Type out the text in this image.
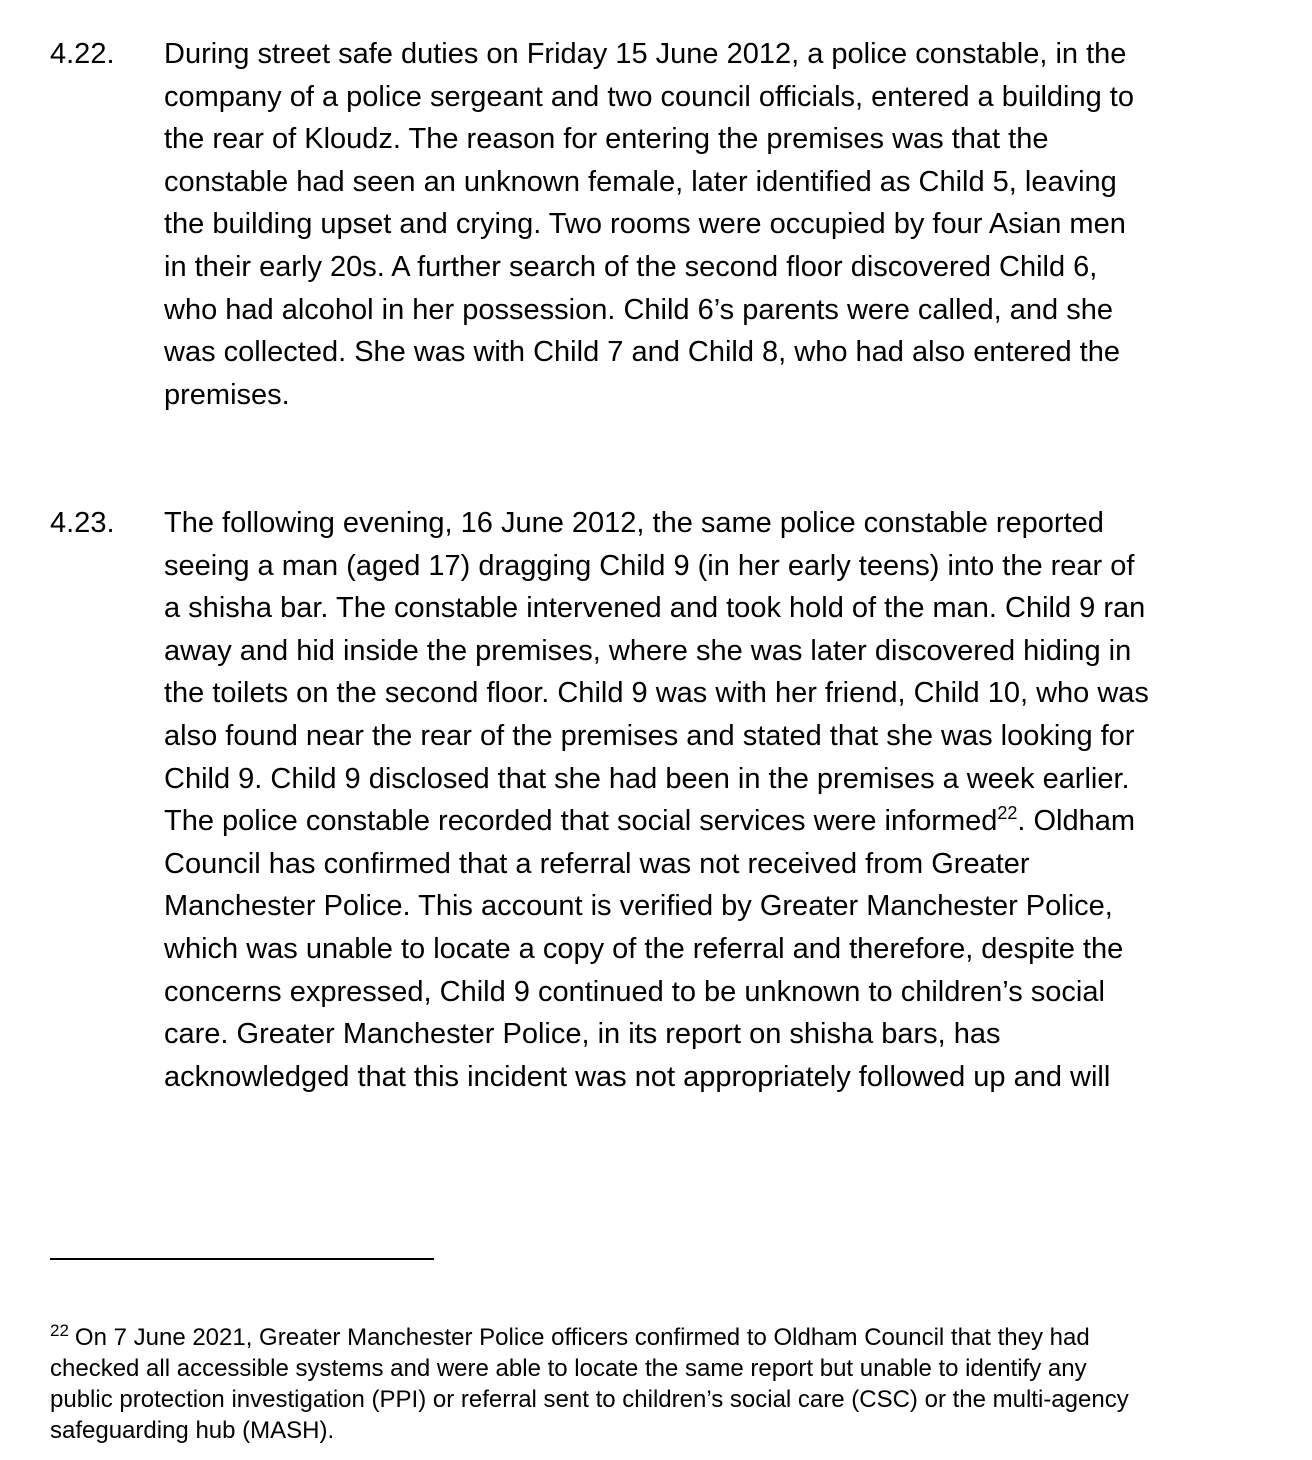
4.22. During street safe duties on Friday 15 June 2012, a police constable, in the
company of a police sergeant and two council officials, entered a building to
the rear of Kloudz. The reason for entering the premises was that the
constable had seen an unknown female, later identified as Child 5, leaving
the building upset and crying. Two rooms were occupied by four Asian men
in their early 20s. A further search of the second floor discovered Child 6,
who had alcohol in her possession. Child 6’s parents were called, and she
was collected. She was with Child 7 and Child 8, who had also entered the
premises.
4.23. The following evening, 16 June 2012, the same police constable reported
seeing a man (aged 17) dragging Child 9 (in her early teens) into the rear of
a shisha bar. The constable intervened and took hold of the man. Child 9 ran
away and hid inside the premises, where she was later discovered hiding in
the toilets on the second floor. Child 9 was with her friend, Child 10, who was
also found near the rear of the premises and stated that she was looking for
Child 9. Child 9 disclosed that she had been in the premises a week earlier.
The police constable recorded that social services were informed$^{22}$. Oldham
Council has confirmed that a referral was not received from Greater
Manchester Police. This account is verified by Greater Manchester Police,
which was unable to locate a copy of the referral and therefore, despite the
concerns expressed, Child 9 continued to be unknown to children’s social
care. Greater Manchester Police, in its report on shisha bars, has
acknowledged that this incident was not appropriately followed up and will
$^{22}$ On 7 June 2021, Greater Manchester Police officers confirmed to Oldham Council that they had
checked all accessible systems and were able to locate the same report but unable to identify any
public protection investigation (PPI) or referral sent to children’s social care (CSC) or the multi-agency
safeguarding hub (MASH).
